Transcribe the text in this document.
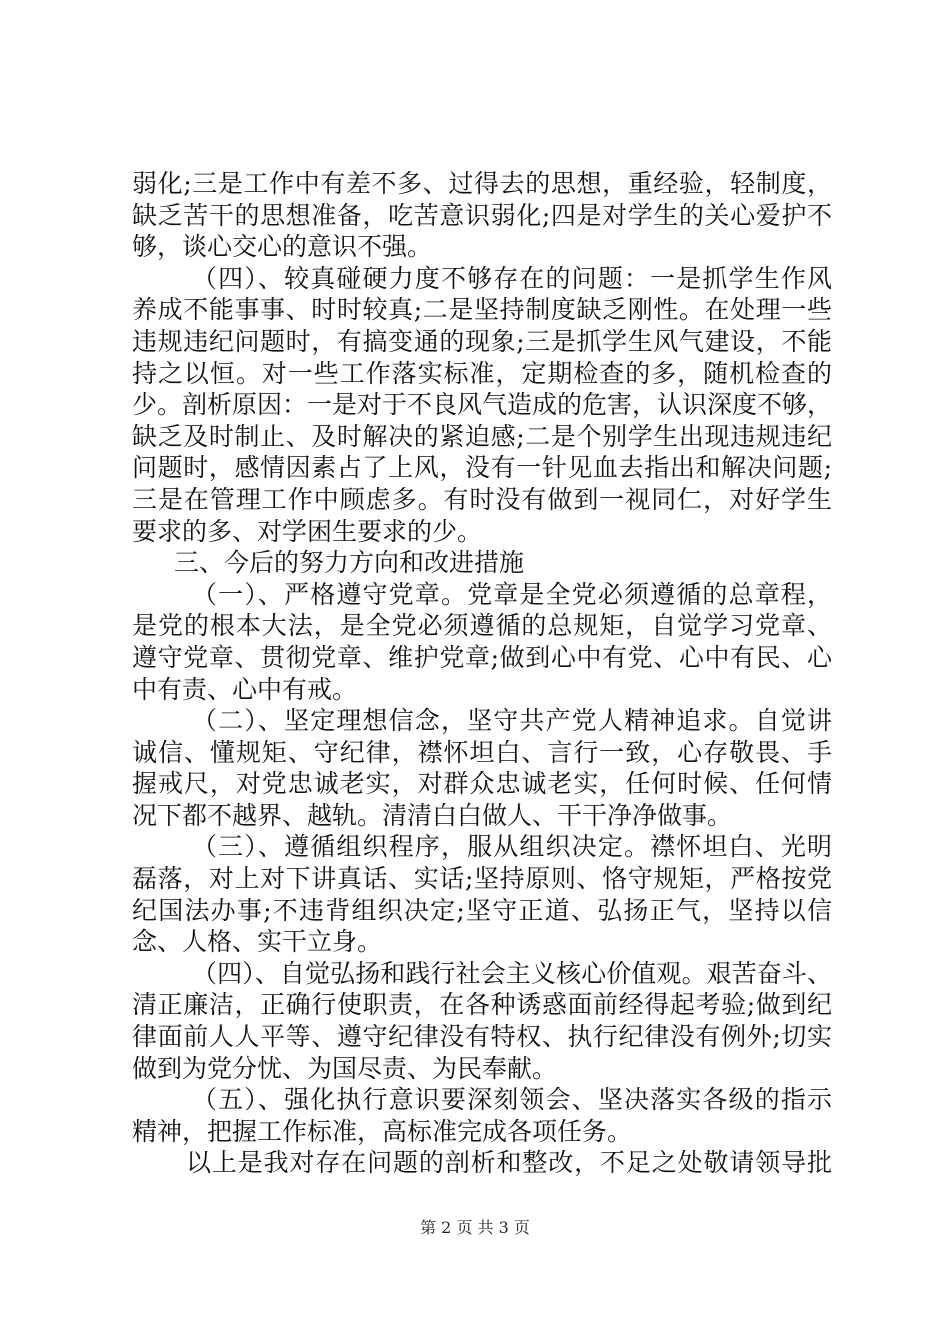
弱化;三是工作中有差不多、过得去的思想，重经验，轻制度，
缺乏苦干的思想准备，吃苦意识弱化;四是对学生的关心爱护不
够，谈心交心的意识不强。
（四）、较真碰硬力度不够存在的问题：一是抓学生作风
养成不能事事、时时较真;二是坚持制度缺乏刚性。在处理一些
违规违纪问题时，有搞变通的现象;三是抓学生风气建设，不能
持之以恒。对一些工作落实标准，定期检查的多，随机检查的
少。剖析原因：一是对于不良风气造成的危害，认识深度不够，
缺乏及时制止、及时解决的紧迫感;二是个别学生出现违规违纪
问题时，感情因素占了上风，没有一针见血去指出和解决问题;
三是在管理工作中顾虑多。有时没有做到一视同仁，对好学生
要求的多、对学困生要求的少。
三、今后的努力方向和改进措施
（一）、严格遵守党章。党章是全党必须遵循的总章程，
是党的根本大法，是全党必须遵循的总规矩，自觉学习党章、
遵守党章、贯彻党章、维护党章;做到心中有党、心中有民、心
中有责、心中有戒。
（二）、坚定理想信念，坚守共产党人精神追求。自觉讲
诚信、懂规矩、守纪律，襟怀坦白、言行一致，心存敬畏、手
握戒尺，对党忠诚老实，对群众忠诚老实，任何时候、任何情
况下都不越界、越轨。清清白白做人、干干净净做事。
（三）、遵循组织程序，服从组织决定。襟怀坦白、光明
磊落，对上对下讲真话、实话;坚持原则、恪守规矩，严格按党
纪国法办事;不违背组织决定;坚守正道、弘扬正气，坚持以信
念、人格、实干立身。
（四）、自觉弘扬和践行社会主义核心价值观。艰苦奋斗、
清正廉洁，正确行使职责，在各种诱惑面前经得起考验;做到纪
律面前人人平等、遵守纪律没有特权、执行纪律没有例外;切实
做到为党分忧、为国尽责、为民奉献。
（五）、强化执行意识要深刻领会、坚决落实各级的指示
精神，把握工作标准，高标准完成各项任务。
以上是我对存在问题的剖析和整改，不足之处敬请领导批
第 2 页 共 3 页
